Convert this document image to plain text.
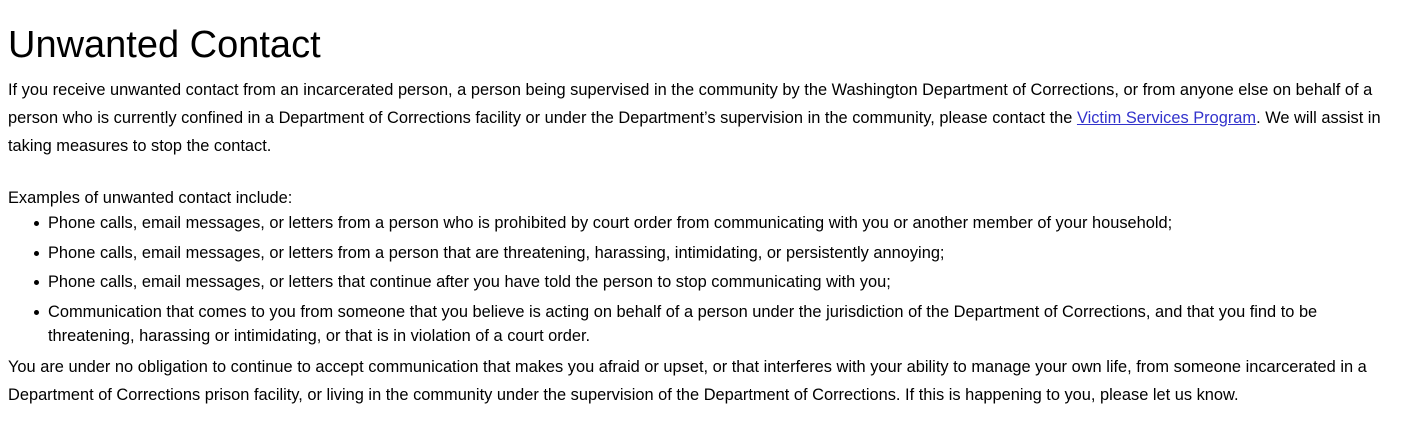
Unwanted Contact

If you receive unwanted contact from an incarcerated person, a person being supervised in the community by the Washington Department of Corrections, or from anyone else on behalf of a person who is currently confined in a Department of Corrections facility or under the Department’s supervision in the community, please contact the Victim Services Program. We will assist in taking measures to stop the contact.

Examples of unwanted contact include:

Phone calls, email messages, or letters from a person who is prohibited by court order from communicating with you or another member of your household;
Phone calls, email messages, or letters from a person that are threatening, harassing, intimidating, or persistently annoying;
Phone calls, email messages, or letters that continue after you have told the person to stop communicating with you;
Communication that comes to you from someone that you believe is acting on behalf of a person under the jurisdiction of the Department of Corrections, and that you find to be threatening, harassing or intimidating, or that is in violation of a court order.

You are under no obligation to continue to accept communication that makes you afraid or upset, or that interferes with your ability to manage your own life, from someone incarcerated in a Department of Corrections prison facility, or living in the community under the supervision of the Department of Corrections. If this is happening to you, please let us know.
